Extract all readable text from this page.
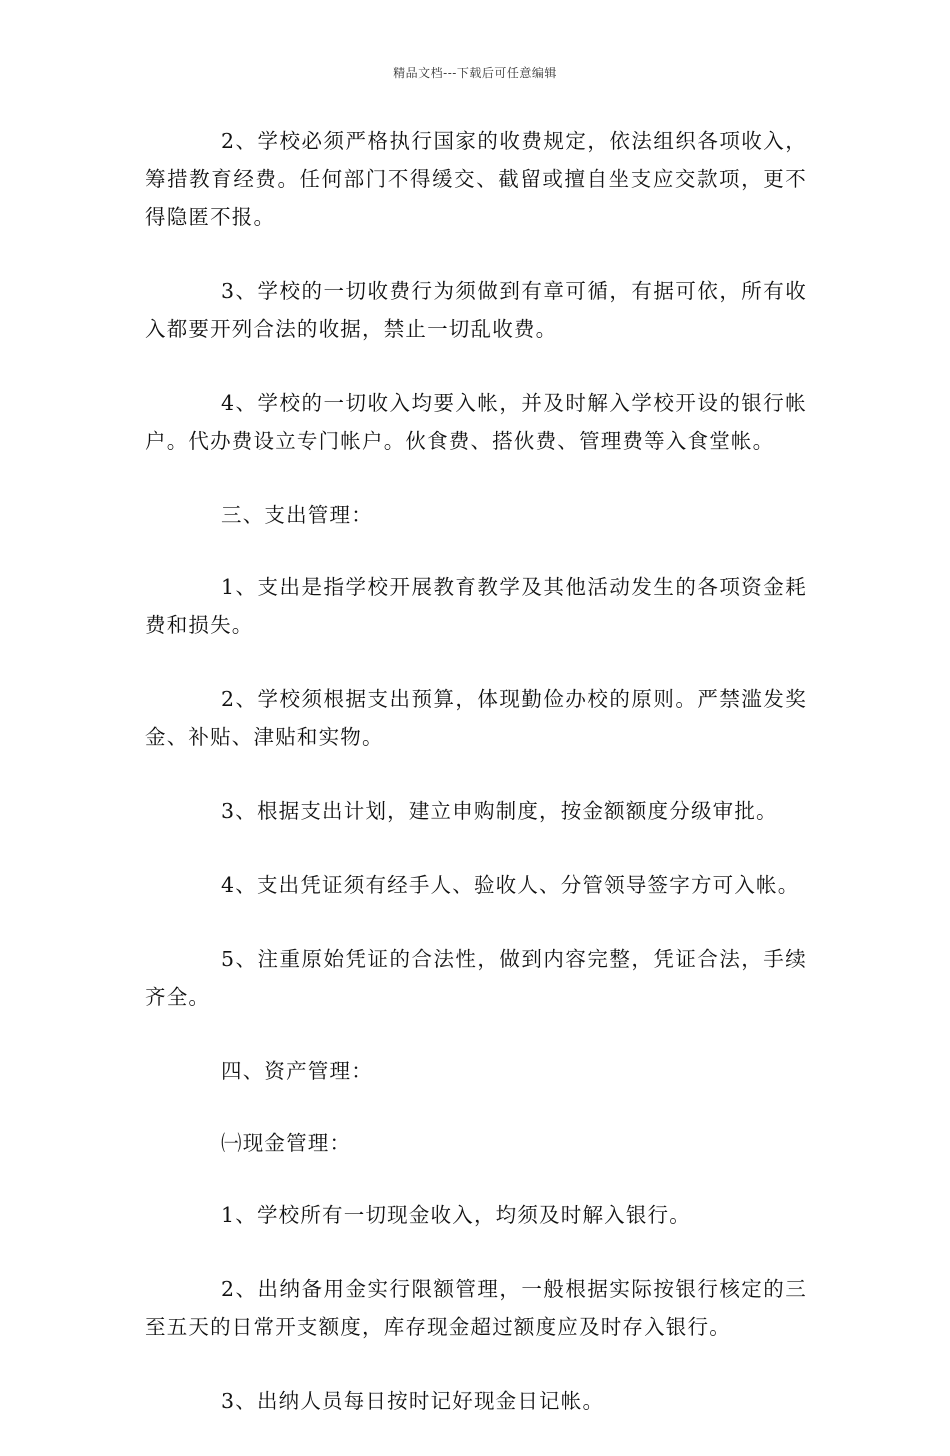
精品文档---下载后可任意编辑

2、学校必须严格执行国家的收费规定，依法组织各项收入，筹措教育经费。任何部门不得缓交、截留或擅自坐支应交款项，更不得隐匿不报。

3、学校的一切收费行为须做到有章可循，有据可依，所有收入都要开列合法的收据，禁止一切乱收费。

4、学校的一切收入均要入帐，并及时解入学校开设的银行帐户。代办费设立专门帐户。伙食费、搭伙费、管理费等入食堂帐。

三、支出管理：

1、支出是指学校开展教育教学及其他活动发生的各项资金耗费和损失。

2、学校须根据支出预算，体现勤俭办校的原则。严禁滥发奖金、补贴、津贴和实物。

3、根据支出计划，建立申购制度，按金额额度分级审批。

4、支出凭证须有经手人、验收人、分管领导签字方可入帐。

5、注重原始凭证的合法性，做到内容完整，凭证合法，手续齐全。

四、资产管理：

㈠现金管理：

1、学校所有一切现金收入，均须及时解入银行。

2、出纳备用金实行限额管理，一般根据实际按银行核定的三至五天的日常开支额度，库存现金超过额度应及时存入银行。

3、出纳人员每日按时记好现金日记帐。
